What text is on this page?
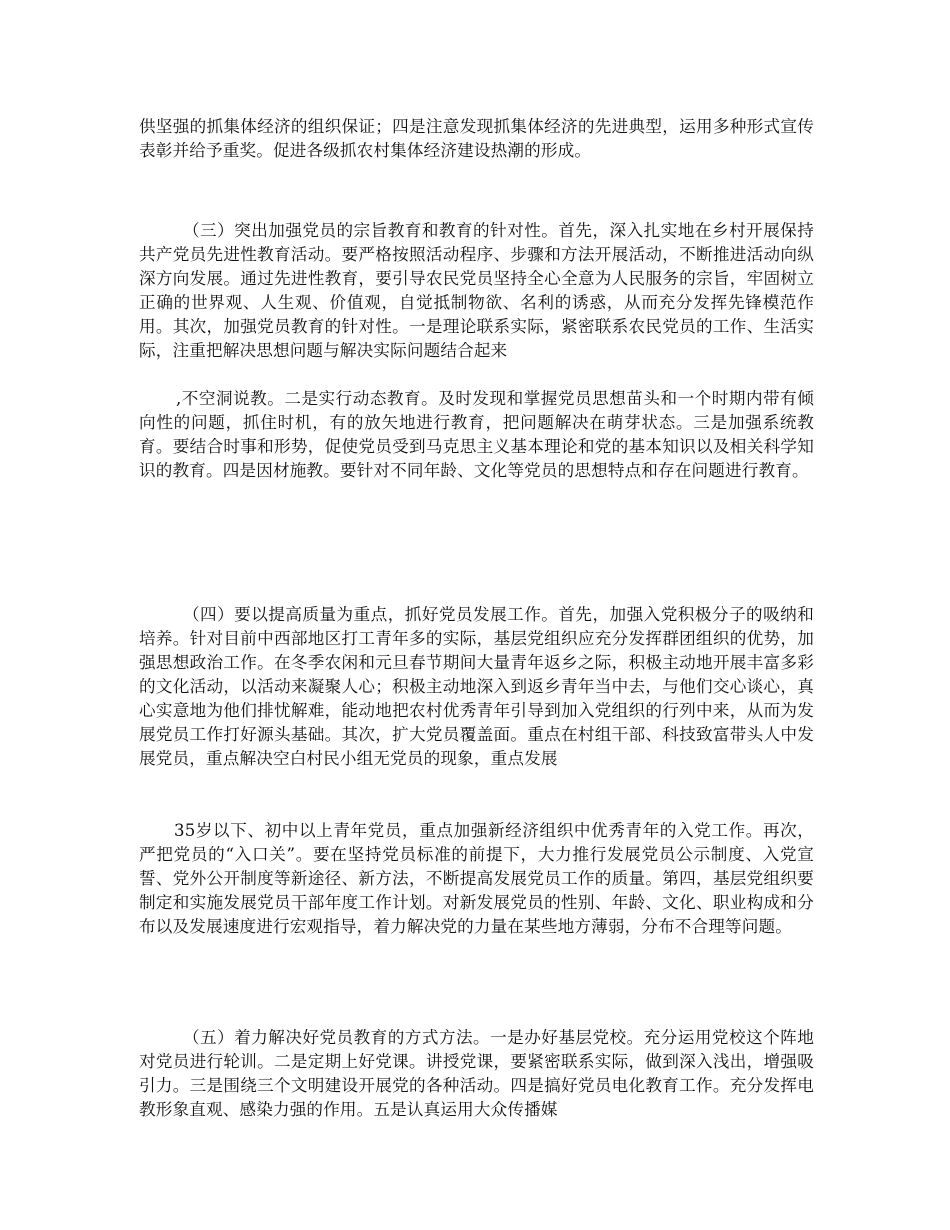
供坚强的抓集体经济的组织保证；四是注意发现抓集体经济的先进典型，运用多种形式宣传表彰并给予重奖。促进各级抓农村集体经济建设热潮的形成。

（三）突出加强党员的宗旨教育和教育的针对性。首先，深入扎实地在乡村开展保持共产党员先进性教育活动。要严格按照活动程序、步骤和方法开展活动，不断推进活动向纵深方向发展。通过先进性教育，要引导农民党员坚持全心全意为人民服务的宗旨，牢固树立正确的世界观、人生观、价值观，自觉抵制物欲、名利的诱惑，从而充分发挥先锋模范作用。其次，加强党员教育的针对性。一是理论联系实际，紧密联系农民党员的工作、生活实际，注重把解决思想问题与解决实际问题结合起来

,不空洞说教。二是实行动态教育。及时发现和掌握党员思想苗头和一个时期内带有倾向性的问题，抓住时机，有的放矢地进行教育，把问题解决在萌芽状态。三是加强系统教育。要结合时事和形势，促使党员受到马克思主义基本理论和党的基本知识以及相关科学知识的教育。四是因材施教。要针对不同年龄、文化等党员的思想特点和存在问题进行教育。

（四）要以提高质量为重点，抓好党员发展工作。首先，加强入党积极分子的吸纳和培养。针对目前中西部地区打工青年多的实际，基层党组织应充分发挥群团组织的优势，加强思想政治工作。在冬季农闲和元旦春节期间大量青年返乡之际，积极主动地开展丰富多彩的文化活动，以活动来凝聚人心；积极主动地深入到返乡青年当中去，与他们交心谈心，真心实意地为他们排忧解难，能动地把农村优秀青年引导到加入党组织的行列中来，从而为发展党员工作打好源头基础。其次，扩大党员覆盖面。重点在村组干部、科技致富带头人中发展党员，重点解决空白村民小组无党员的现象，重点发展

35岁以下、初中以上青年党员，重点加强新经济组织中优秀青年的入党工作。再次，严把党员的“入口关”。要在坚持党员标准的前提下，大力推行发展党员公示制度、入党宣誓、党外公开制度等新途径、新方法，不断提高发展党员工作的质量。第四，基层党组织要制定和实施发展党员干部年度工作计划。对新发展党员的性别、年龄、文化、职业构成和分布以及发展速度进行宏观指导，着力解决党的力量在某些地方薄弱，分布不合理等问题。

（五）着力解决好党员教育的方式方法。一是办好基层党校。充分运用党校这个阵地对党员进行轮训。二是定期上好党课。讲授党课，要紧密联系实际，做到深入浅出，增强吸引力。三是围绕三个文明建设开展党的各种活动。四是搞好党员电化教育工作。充分发挥电教形象直观、感染力强的作用。五是认真运用大众传播媒
